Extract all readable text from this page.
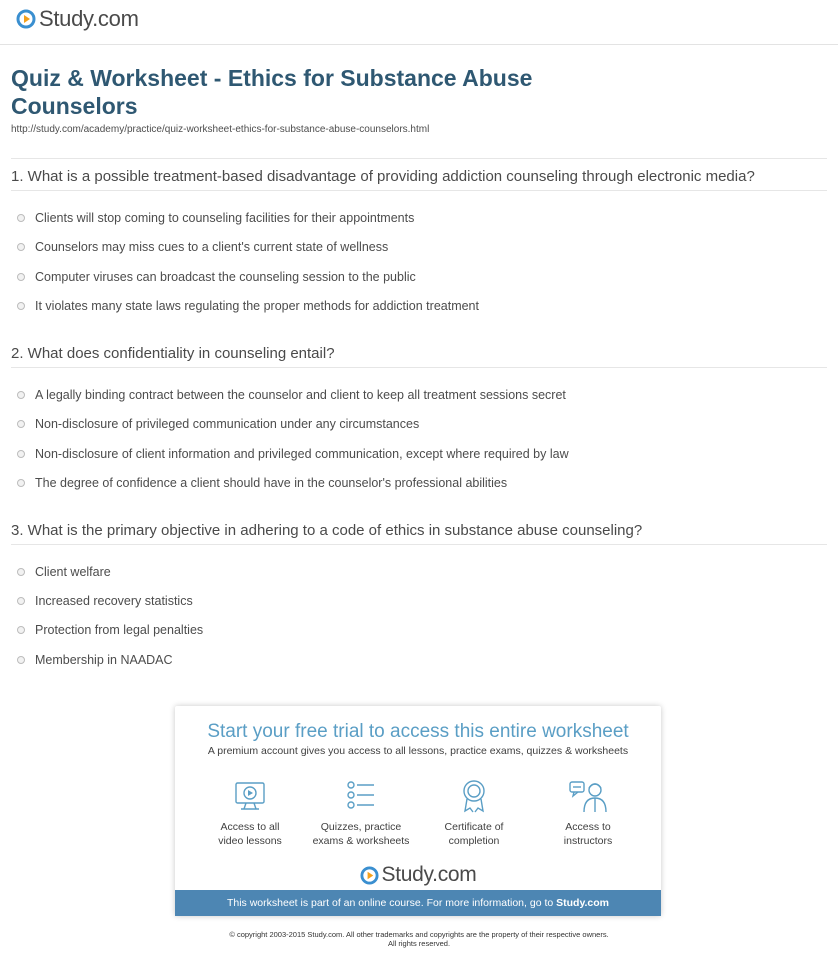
Study.com
Quiz & Worksheet - Ethics for Substance Abuse Counselors
http://study.com/academy/practice/quiz-worksheet-ethics-for-substance-abuse-counselors.html
1. What is a possible treatment-based disadvantage of providing addiction counseling through electronic media?
Clients will stop coming to counseling facilities for their appointments
Counselors may miss cues to a client's current state of wellness
Computer viruses can broadcast the counseling session to the public
It violates many state laws regulating the proper methods for addiction treatment
2. What does confidentiality in counseling entail?
A legally binding contract between the counselor and client to keep all treatment sessions secret
Non-disclosure of privileged communication under any circumstances
Non-disclosure of client information and privileged communication, except where required by law
The degree of confidence a client should have in the counselor's professional abilities
3. What is the primary objective in adhering to a code of ethics in substance abuse counseling?
Client welfare
Increased recovery statistics
Protection from legal penalties
Membership in NAADAC
Start your free trial to access this entire worksheet
A premium account gives you access to all lessons, practice exams, quizzes & worksheets
Access to all
video lessons
Quizzes, practice
exams & worksheets
Certificate of
completion
Access to
instructors
Study.com
This worksheet is part of an online course. For more information, go to Study.com
© copyright 2003-2015 Study.com. All other trademarks and copyrights are the property of their respective owners.
All rights reserved.
